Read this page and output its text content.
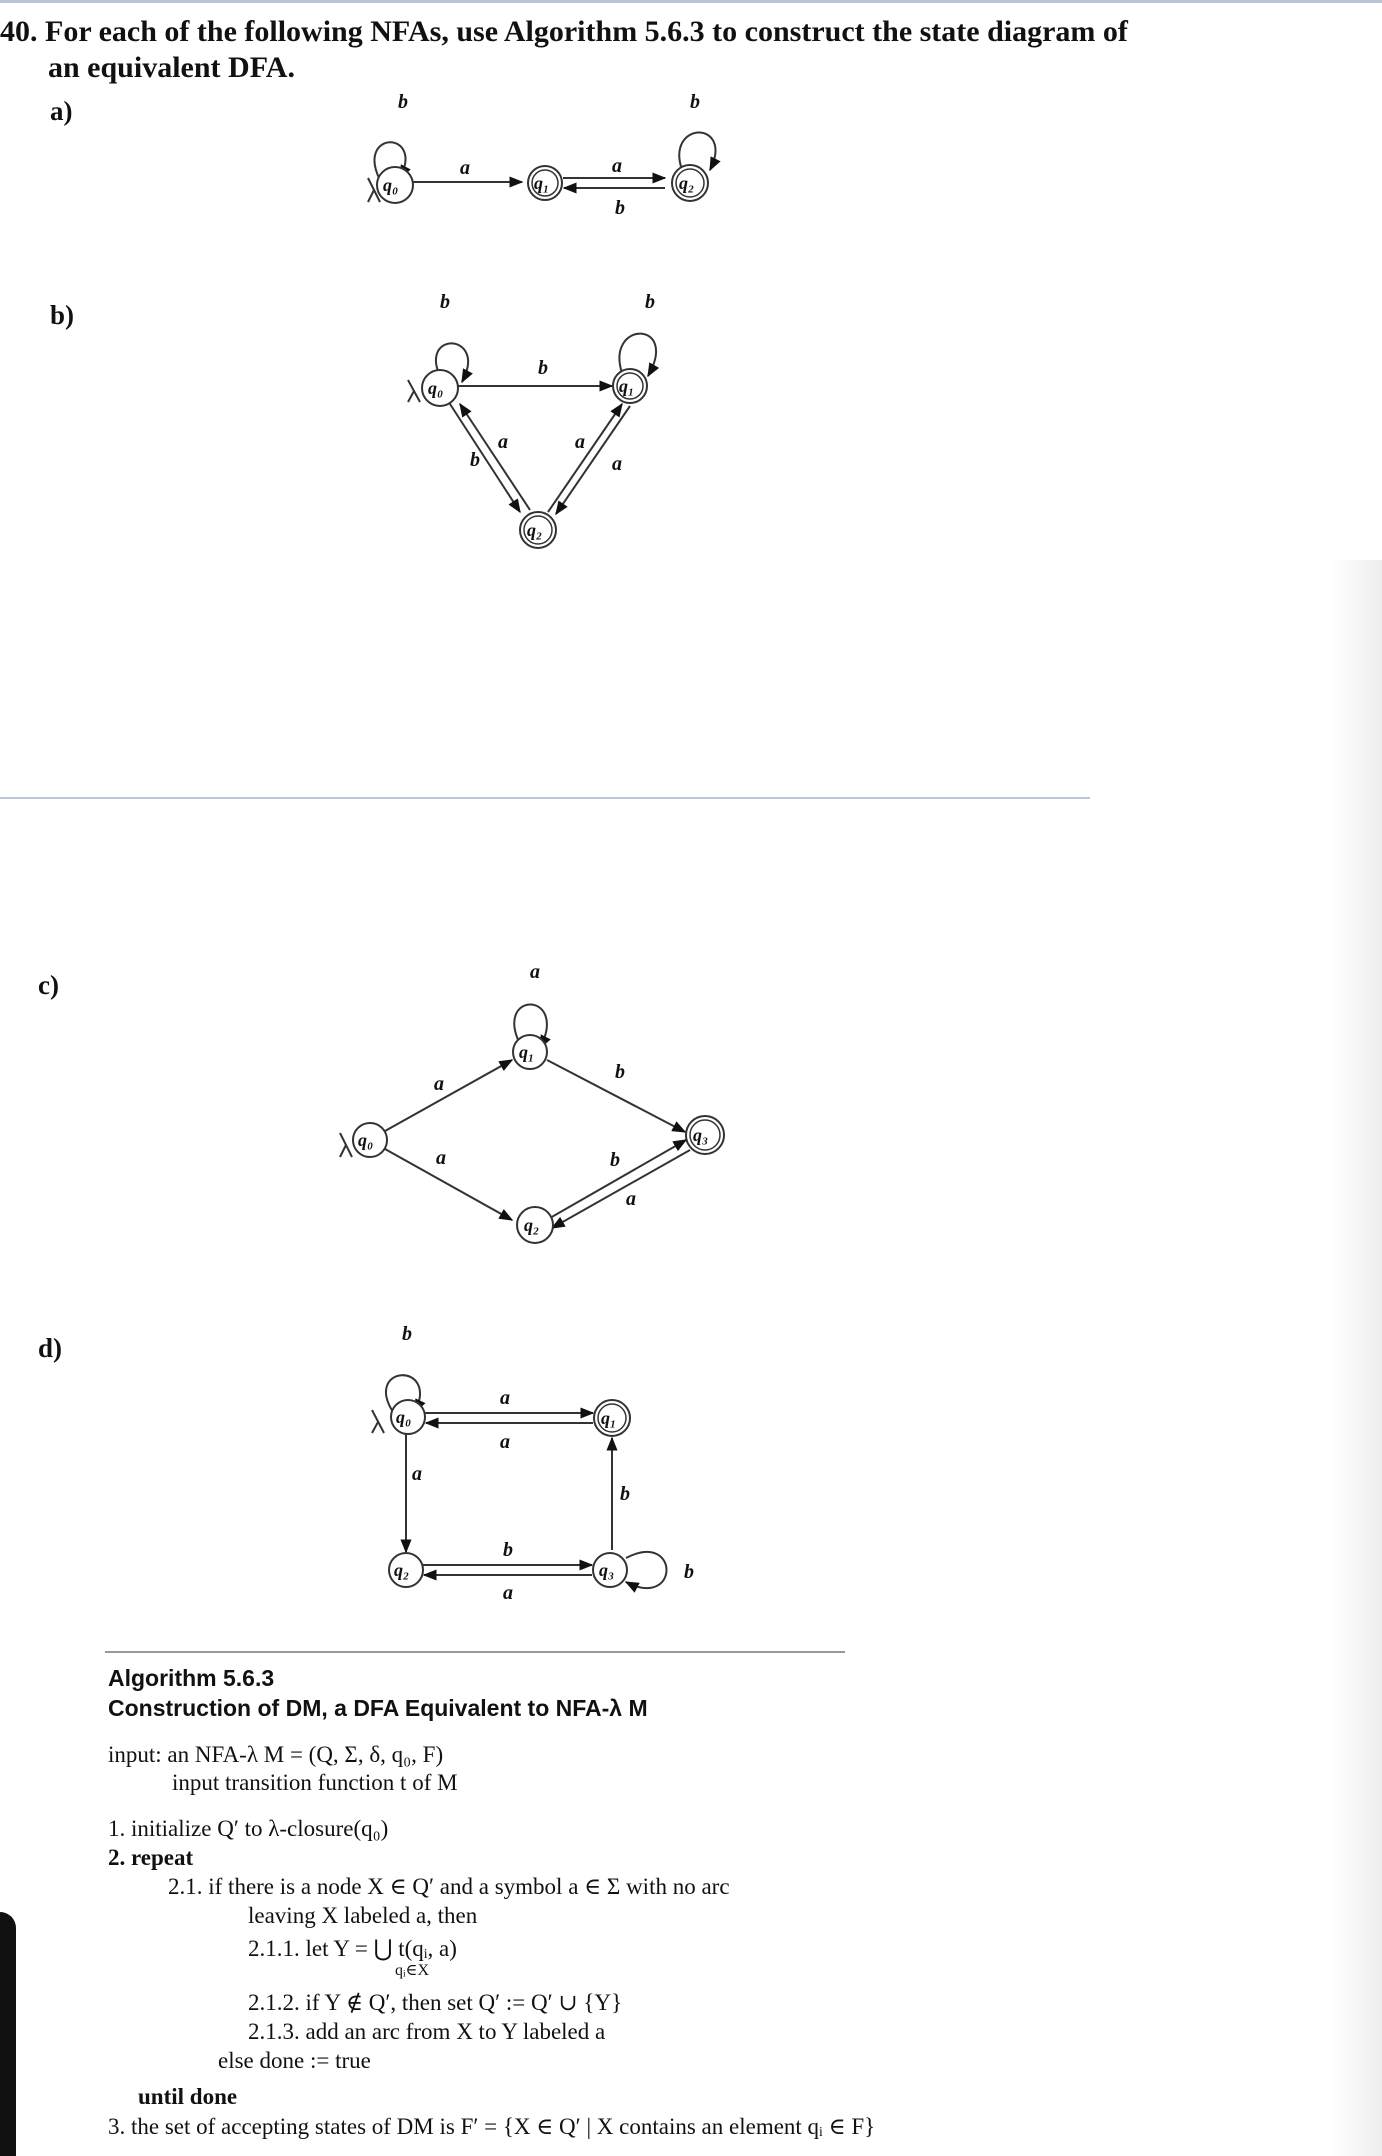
40. For each of the following NFAs, use Algorithm 5.6.3 to construct the state diagram of
an equivalent DFA.
a)	b
q₀
a
q₁
a
b
b
q₂
b)	b
q₀
b
b
q₁
b
a	a
a
q₂
c)	a
q₁
q₀
a
a
b
q₃
b
a
q₂
d)	b
q₀
a
a
q₁
a
b
q₂
b
a
b
q₃
Algorithm 5.6.3
Construction of DM, a DFA Equivalent to NFA-λ M
input: an NFA-λ M = (Q, Σ, δ, q₀, F)
input transition function t of M
1. initialize Q′ to λ-closure(q₀)
2. repeat
2.1. if there is a node X ∈ Q′ and a symbol a ∈ Σ with no arc
leaving X labeled a, then
2.1.1. let Y = ⋃ t(qᵢ, a)
qᵢ∈X
2.1.2. if Y ∉ Q′, then set Q′ := Q′ ∪ {Y}
2.1.3. add an arc from X to Y labeled a
else done := true
until done
3. the set of accepting states of DM is F′ = {X ∈ Q′ | X contains an element qᵢ ∈ F}
